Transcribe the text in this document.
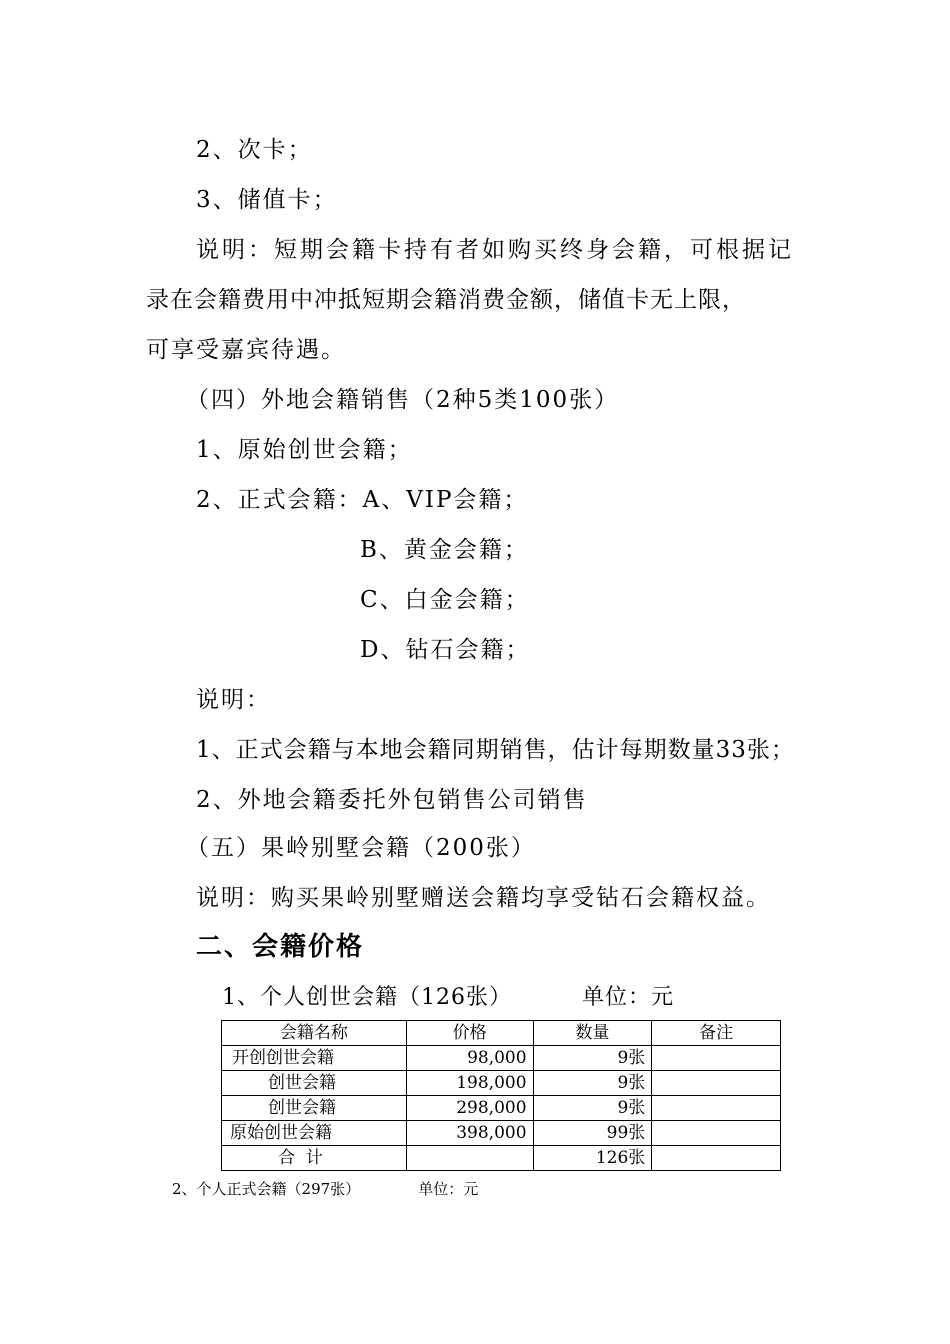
2、次卡；
3、储值卡；
说明：短期会籍卡持有者如购买终身会籍，可根据记
录在会籍费用中冲抵短期会籍消费金额，储值卡无上限，
可享受嘉宾待遇。
（四）外地会籍销售（2种5类100张）
1、原始创世会籍；
2、正式会籍：A、VIP会籍；
B、黄金会籍；
C、白金会籍；
D、钻石会籍；
说明：
1、正式会籍与本地会籍同期销售，估计每期数量33张；
2、外地会籍委托外包销售公司销售
（五）果岭别墅会籍（200张）
说明：购买果岭别墅赠送会籍均享受钻石会籍权益。
二、会籍价格
1、个人创世会籍（126张）	单位：元
会籍名称	价格	数量	备注
开创创世会籍	98,000	9张	
创世会籍	198,000	9张	
创世会籍	298,000	9张	
原始创世会籍	398,000	99张	
合  计		126张	
2、个人正式会籍（297张）	单位：元
